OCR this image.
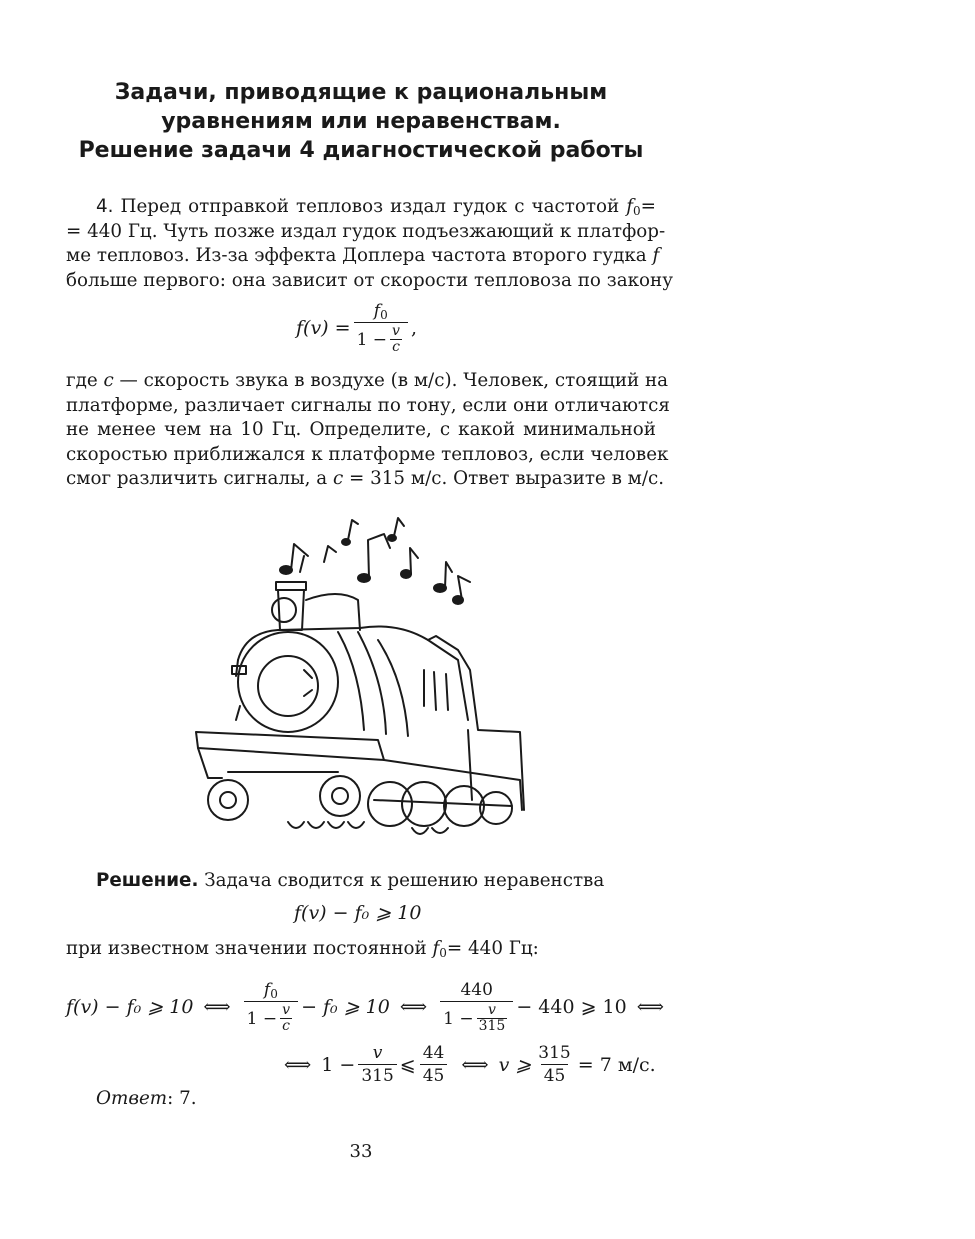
Задачи, приводящие к рациональным
уравнениям или неравенствам.
Решение задачи 4 диагностической работы
4. Перед отправкой тепловоз издал гудок с частотой $f_0=$
= 440 Гц. Чуть позже издал гудок подъезжающий к платфор-
ме тепловоз. Из-за эффекта Доплера частота второго гудка f
больше первого: она зависит от скорости тепловоза по закону
$f(v) = \frac{f_0}{1 - \frac{v}{c}}$ ,
где c — скорость звука в воздухе (в м/с). Человек, стоящий на
платформе, различает сигналы по тону, если они отличаются
не менее чем на 10 Гц. Определите, с какой минимальной
скоростью приближался к платформе тепловоз, если человек
смог различить сигналы, а c = 315 м/с. Ответ выразите в м/с.
Решение. Задача сводится к решению неравенства
f(v) − f₀ ⩾ 10
при известном значении постоянной $f_0= 440$ Гц:
f(v) − f₀ ⩾ 10 ⟺ $\frac{f_0}{1 - \frac{v}{c}} - f_0$ ⩾ 10 ⟺ $\frac{440}{1 - \frac{v}{315}} - 440$ ⩾ 10 ⟺
⟺ $1 - \frac{v}{315}$ ⩽ $\frac{44}{45}$ ⟺ v ⩾ $\frac{315}{45} = 7$ м/с.
Ответ: 7.
33
